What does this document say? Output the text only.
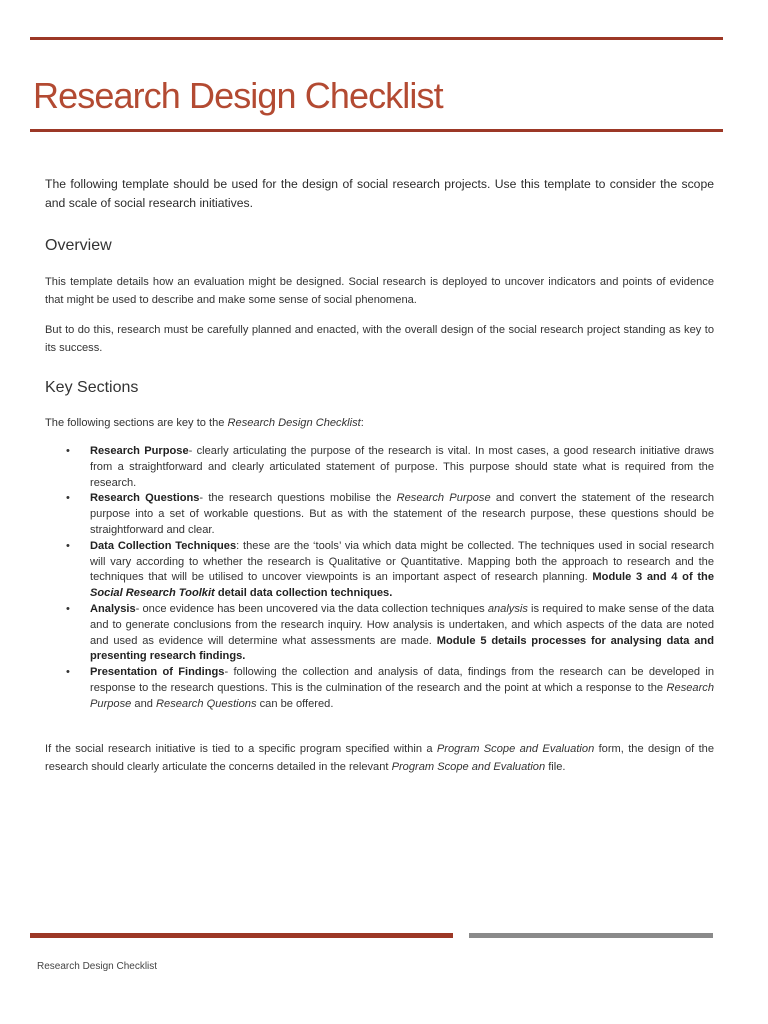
Research Design Checklist

The following template should be used for the design of social research projects. Use this template to consider the scope and scale of social research initiatives.

Overview

This template details how an evaluation might be designed. Social research is deployed to uncover indicators and points of evidence that might be used to describe and make some sense of social phenomena.

But to do this, research must be carefully planned and enacted, with the overall design of the social research project standing as key to its success.

Key Sections

The following sections are key to the Research Design Checklist:

• Research Purpose- clearly articulating the purpose of the research is vital. In most cases, a good research initiative draws from a straightforward and clearly articulated statement of purpose. This purpose should state what is required from the research.
• Research Questions- the research questions mobilise the Research Purpose and convert the statement of the research purpose into a set of workable questions. But as with the statement of the research purpose, these questions should be straightforward and clear.
• Data Collection Techniques: these are the ‘tools’ via which data might be collected. The techniques used in social research will vary according to whether the research is Qualitative or Quantitative. Mapping both the approach to research and the techniques that will be utilised to uncover viewpoints is an important aspect of research planning. Module 3 and 4 of the Social Research Toolkit detail data collection techniques.
• Analysis- once evidence has been uncovered via the data collection techniques analysis is required to make sense of the data and to generate conclusions from the research inquiry. How analysis is undertaken, and which aspects of the data are noted and used as evidence will determine what assessments are made. Module 5 details processes for analysing data and presenting research findings.
• Presentation of Findings- following the collection and analysis of data, findings from the research can be developed in response to the research questions. This is the culmination of the research and the point at which a response to the Research Purpose and Research Questions can be offered.

If the social research initiative is tied to a specific program specified within a Program Scope and Evaluation form, the design of the research should clearly articulate the concerns detailed in the relevant Program Scope and Evaluation file.

Research Design Checklist
